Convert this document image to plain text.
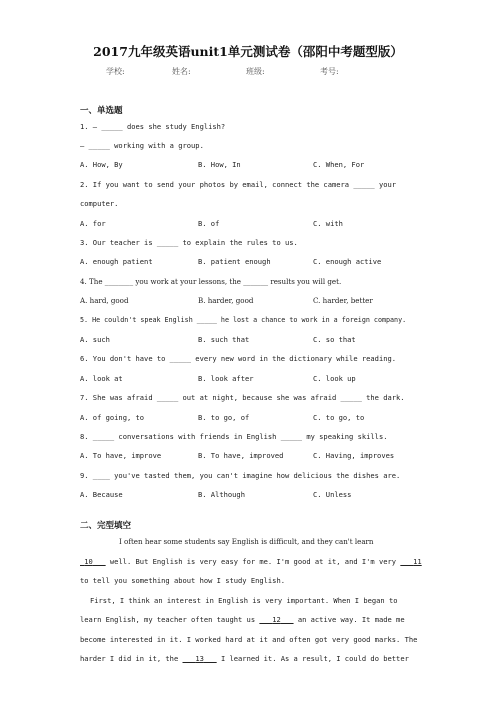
2017九年级英语unit1单元测试卷（邵阳中考题型版）
学校:	姓名:	班级:	考号:
一、单选题
1. — _____ does she study English?
— _____ working with a group.
A. How, By	B. How, In	C. When, For
2. If you want to send your photos by email, connect the camera _____ your
computer.
A. for	B. of	C. with
3. Our teacher is _____ to explain the rules to us.
A. enough patient	B. patient enough	C. enough active
4. The ________ you work at your lessons, the _______ results you will get.
A. hard, good	B. harder, good	C. harder, better
5. He couldn't speak English _____ he lost a chance to work in a foreign company.
A. such	B. such that	C. so that
6. You don't have to _____ every new word in the dictionary while reading.
A. look at	B. look after	C. look up
7. She was afraid _____ out at night, because she was afraid _____ the dark.
A. of going, to	B. to go, of	C. to go, to
8. _____ conversations with friends in English _____ my speaking skills.
A. To have, improve	B. To have, improved	C. Having, improves
9. ____ you've tasted them, you can't imagine how delicious the dishes are.
A. Because	B. Although	C. Unless
二、完型填空
I often hear some students say English is difficult, and they can't learn
10    well. But English is very easy for me. I'm good at it, and I'm very    11
to tell you something about how I study English.
First, I think an interest in English is very important. When I began to
learn English, my teacher often taught us    12    an active way. It made me
become interested in it. I worked hard at it and often got very good marks. The
harder I did in it, the    13    I learned it. As a result, I could do better
